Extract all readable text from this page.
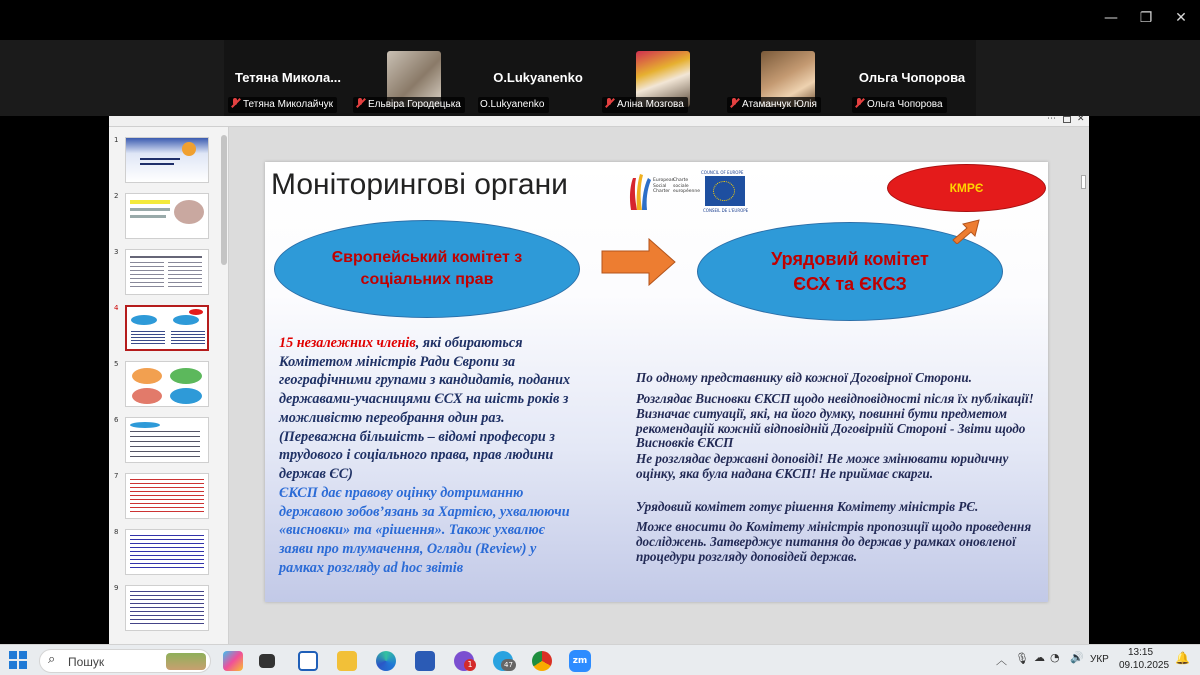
—	❐	✕
Тетяна Микола...
Тетяна Миколайчук	Ельвіра Городецька
O.Lukyanenko
O.Lukyanenko	Аліна Мозгова	Атаманчук Юлія
Ольга Чопорова
Ольга Чопорова
⋯ ✕
1
2
3
4
5
6
7
8
9
Моніторингові органи	European
Social
Charter
Charte
sociale
européenne
COUNCIL OF EUROPE
CONSEIL DE L'EUROPE
КМРЄ
Європейський комітет з
соціальних прав
Урядовий комітет
ЄСХ та ЄКСЗ
15 незалежних членів, які обираються Комітетом міністрів Ради Європи за географічними групами з кандидатів, поданих державами-учасницями ЄСХ на шість років з можливістю переобрання один раз. (Переважна більшість – відомі професори з трудового і соціального права, прав людини держав ЄС)
ЄКСП дає правову оцінку дотриманню державою зобов’язань за Хартією, ухвалюючи «висновки» та «рішення». Також ухвалює заяви про тлумачення, Огляди (Review) у рамках розгляду ad hoc звітів
По одному представнику від кожної Договірної Сторони.
Розглядає Висновки ЄКСП щодо невідповідності після їх публікації! Визначає ситуації, які, на його думку, повинні бути предметом рекомендацій кожній відповідній Договірній Стороні - Звіти щодо Висновків ЄКСП
Не розглядає державні доповіді! Не може змінювати юридичну оцінку, яка була надана ЄКСП! Не приймає скарги.
Урядовий комітет готує рішення Комітету міністрів РЄ.
Може вносити до Комітету міністрів пропозиції щодо проведення досліджень. Затверджує питання до держав у рамках оновленої процедури розгляду доповідей держав.
⌕ Пошук	1	47	zm	︿ 🎙 ☁ ◔ 🔊 УКР
13:15
09.10.2025
🔔
